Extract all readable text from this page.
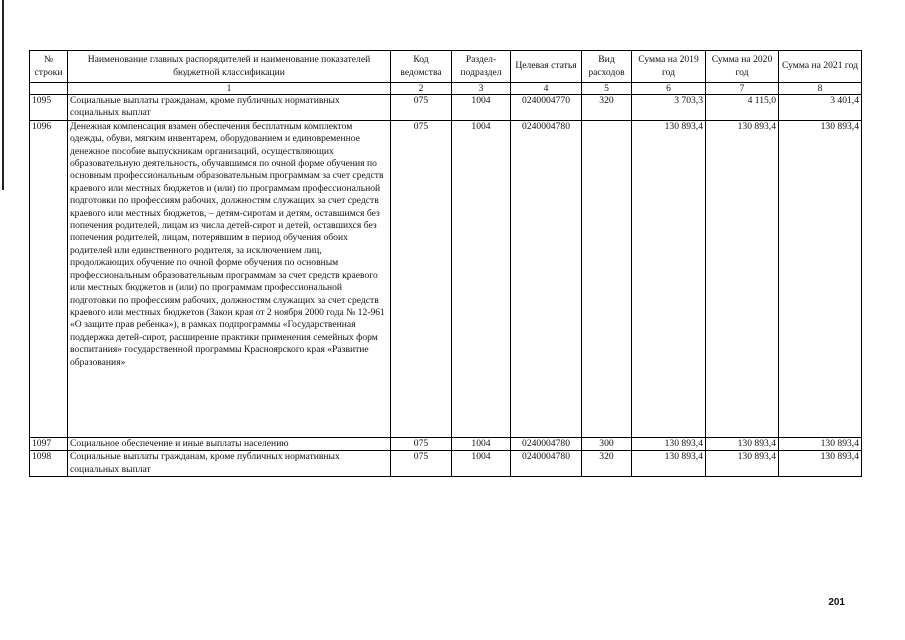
№ строки	Наименование главных распорядителей и наименование показателей бюджетной классификации	Код ведомства	Раздел-подраздел	Целевая статья	Вид расходов	Сумма на 2019 год	Сумма на 2020 год	Сумма на 2021 год
	1	2	3	4	5	6	7	8
1095	Социальные выплаты гражданам, кроме публичных нормативных социальных выплат	075	1004	0240004770	320	3 703,3	4 115,0	3 401,4
1096	Денежная компенсация взамен обеспечения бесплатным комплектом одежды, обуви, мягким инвентарем, оборудованием и единовременное денежное пособие выпускникам организаций, осуществляющих образовательную деятельность, обучавшимся по очной форме обучения по основным профессиональным образовательным программам за счет средств краевого или местных бюджетов и (или) по программам профессиональной подготовки по профессиям рабочих, должностям служащих за счет средств краевого или местных бюджетов, – детям-сиротам и детям, оставшимся без попечения родителей, лицам из числа детей-сирот и детей, оставшихся без попечения родителей, лицам, потерявшим в период обучения обоих родителей или единственного родителя, за исключением лиц, продолжающих обучение по очной форме обучения по основным профессиональным образовательным программам за счет средств краевого или местных бюджетов и (или) по программам профессиональной подготовки по профессиям рабочих, должностям служащих за счет средств краевого или местных бюджетов (Закон края от 2 ноября 2000 года № 12-961 «О защите прав ребенка»), в рамках подпрограммы «Государственная поддержка детей-сирот, расширение практики применения семейных форм воспитания» государственной программы Красноярского края «Развитие образования»	075	1004	0240004780		130 893,4	130 893,4	130 893,4
1097	Социальное обеспечение и иные выплаты населению	075	1004	0240004780	300	130 893,4	130 893,4	130 893,4
1098	Социальные выплаты гражданам, кроме публичных нормативных социальных выплат	075	1004	0240004780	320	130 893,4	130 893,4	130 893,4
201
